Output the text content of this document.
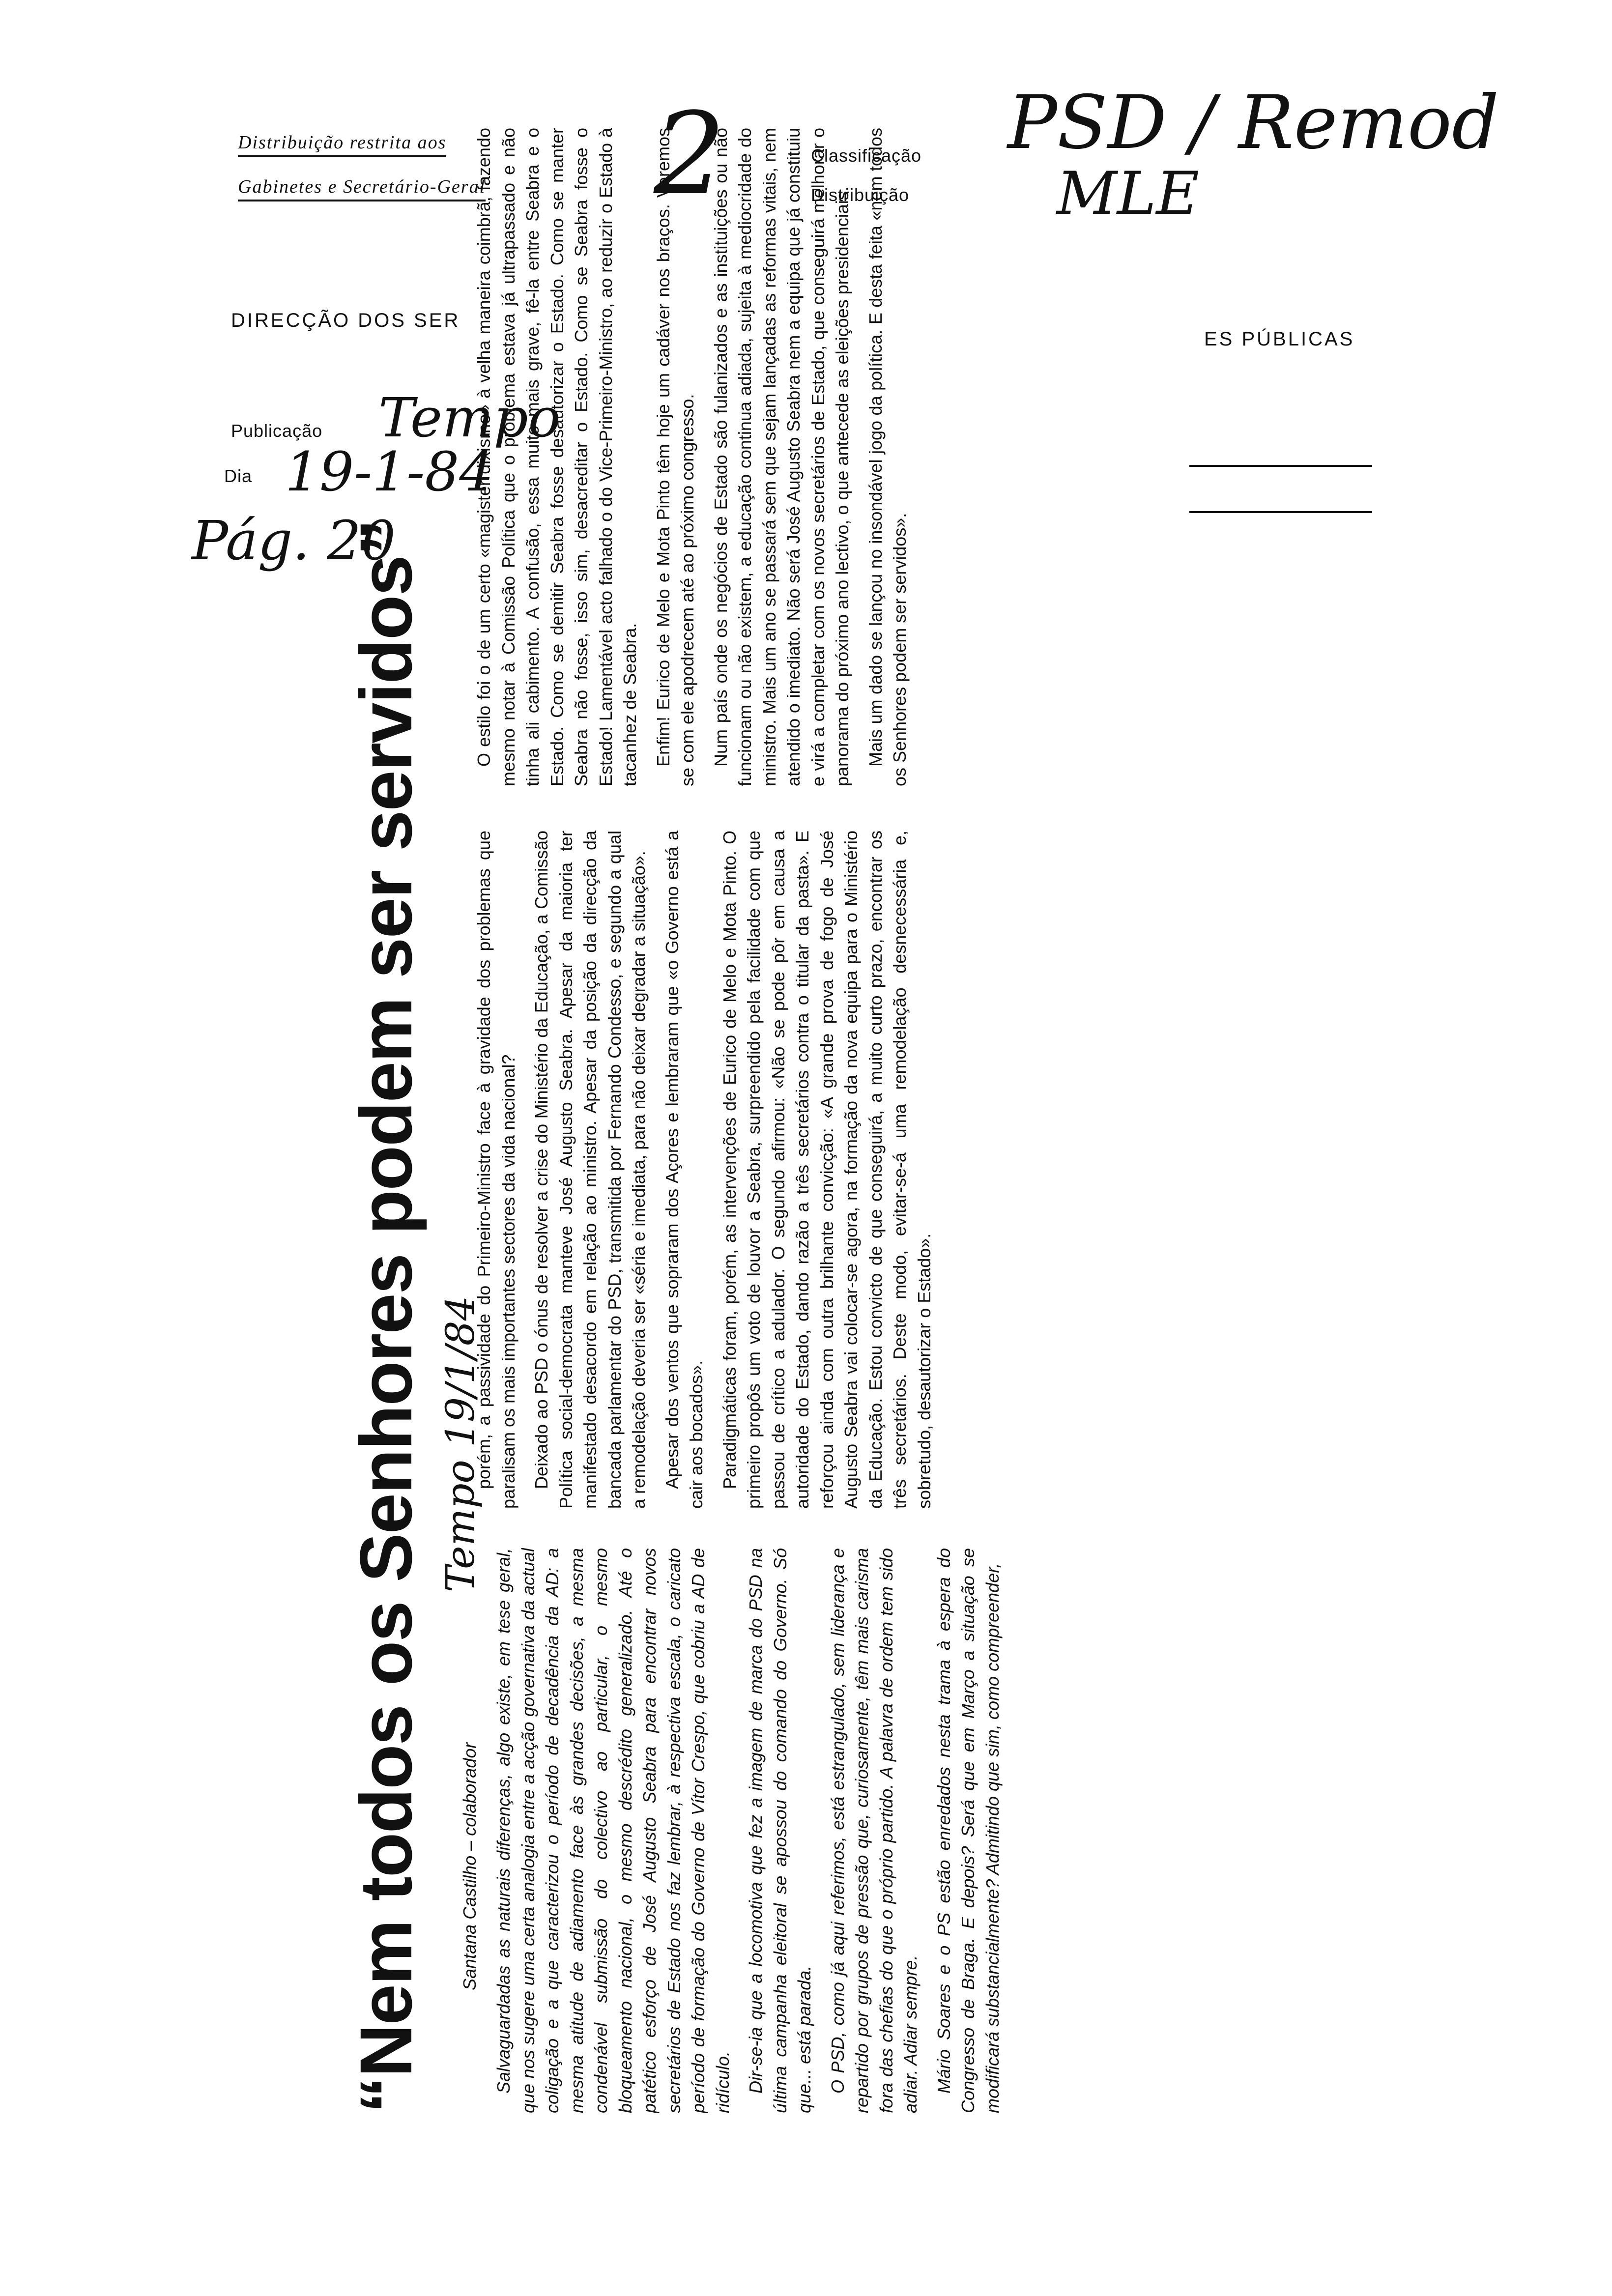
Distribuição restrita aos
Gabinetes e Secretário-Geral
DIRECÇÃO DOS SER
ES PÚBLICAS
Classificação
Distribuição
Publicação
Dia
2	PSD / Remod
MLE
Tempo
19-1-84
Pág. 20
“Nem todos os Senhores podem ser servidos” Santana Castilho – colaborador
Tempo 19/1/84

Salvaguardadas as naturais diferenças, algo existe, em tese geral, que nos sugere uma certa analogia entre a acção governativa da actual coligação e a que caracterizou o período de decadência da AD: a mesma atitude de adiamento face às grandes decisões, a mesma condenável submissão do colectivo ao particular, o mesmo bloqueamento nacional, o mesmo descrédito generalizado. Até o patético esforço de José Augusto Seabra para encontrar novos secretários de Estado nos faz lembrar, à respectiva escala, o caricato período de formação do Governo de Vítor Crespo, que cobriu a AD de ridículo. Dir-se-ia que a locomotiva que fez a imagem de marca do PSD na última campanha eleitoral se apossou do comando do Governo. Só que... está parada. O PSD, como já aqui referimos, está estrangulado, sem liderança e repartido por grupos de pressão que, curiosamente, têm mais carisma fora das chefias do que o próprio partido. A palavra de ordem tem sido adiar. Adiar sempre. Mário Soares e o PS estão enredados nesta trama à espera do Congresso de Braga. E depois? Será que em Março a situação se modificará substancialmente? Admitindo que sim, como compreender,

porém, a passividade do Primeiro-Ministro face à gravidade dos problemas que paralisam os mais importantes sectores da vida nacional? Deixado ao PSD o ónus de resolver a crise do Ministério da Educação, a Comissão Política social-democrata manteve José Augusto Seabra. Apesar da maioria ter manifestado desacordo em relação ao ministro. Apesar da posição da direcção da bancada parlamentar do PSD, transmitida por Fernando Condesso, e segundo a qual a remodelação deveria ser «séria e imediata, para não deixar degradar a situação». Apesar dos ventos que sopraram dos Açores e lembraram que «o Governo está a cair aos bocados». Paradigmáticas foram, porém, as intervenções de Eurico de Melo e Mota Pinto. O primeiro propôs um voto de louvor a Seabra, surpreendido pela facilidade com que passou de crítico a adulador. O segundo afirmou: «Não se pode pôr em causa a autoridade do Estado, dando razão a três secretários contra o titular da pasta». E reforçou ainda com outra brilhante convicção: «A grande prova de fogo de José Augusto Seabra vai colocar-se agora, na formação da nova equipa para o Ministério da Educação. Estou convicto de que conseguirá, a muito curto prazo, encontrar os três secretários. Deste modo, evitar-se-á uma remodelação desnecessária e, sobretudo, desautorizar o Estado».

O estilo foi o de um certo «magister dixismo» à velha maneira coimbrã, fazendo mesmo notar à Comissão Política que o problema estava já ultrapassado e não tinha ali cabimento. A confusão, essa muito mais grave, fê-la entre Seabra e o Estado. Como se demitir Seabra fosse desautorizar o Estado. Como se manter Seabra não fosse, isso sim, desacreditar o Estado. Como se Seabra fosse o Estado! Lamentável acto falhado o do Vice-Primeiro-Ministro, ao reduzir o Estado à tacanhez de Seabra. Enfim! Eurico de Melo e Mota Pinto têm hoje um cadáver nos braços. Veremos se com ele apodrecem até ao próximo congresso. Num país onde os negócios de Estado são fulanizados e as instituições ou não funcionam ou não existem, a educação continua adiada, sujeita à mediocridade do ministro. Mais um ano se passará sem que sejam lançadas as reformas vitais, nem atendido o imediato. Não será José Augusto Seabra nem a equipa que já constituiu e virá a completar com os novos secretários de Estado, que conseguirá melhorar o panorama do próximo ano lectivo, o que antecede as eleições presidenciais. Mais um dado se lançou no insondável jogo da política. E desta feita «nem todos os Senhores podem ser servidos».
